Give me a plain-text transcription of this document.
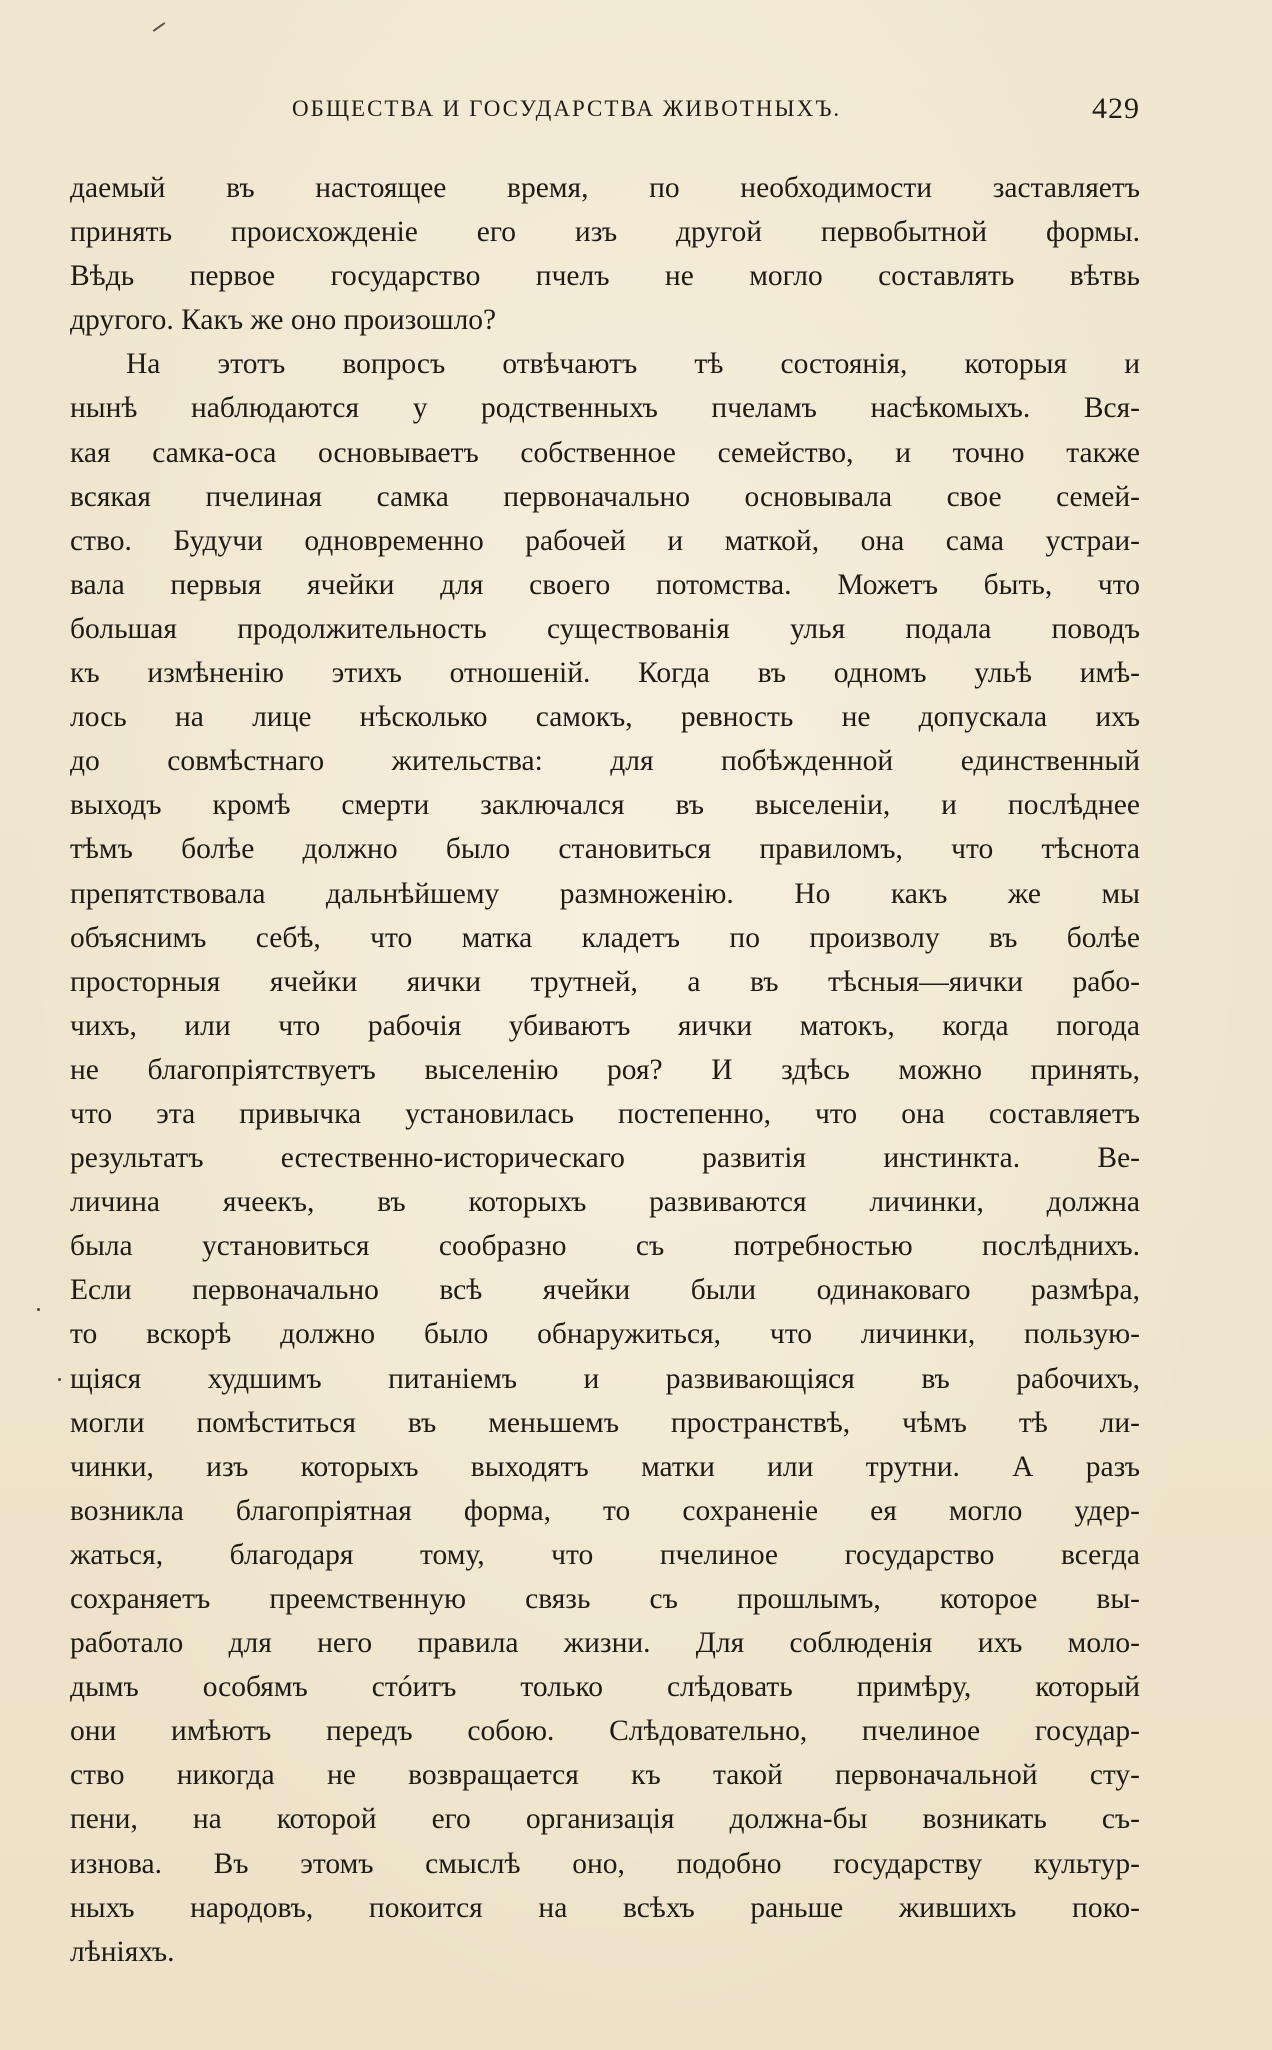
ОБЩЕСТВА И ГОСУДАРСТВА ЖИВОТНЫХЪ.	429
даемый въ настоящее время, по необходимости заставляетъ
принять происхожденіе его изъ другой первобытной формы.
Вѣдь первое государство пчелъ не могло составлять вѣтвь
другого. Какъ же оно произошло?
На этотъ вопросъ отвѣчаютъ тѣ состоянія, которыя и
нынѣ наблюдаются у родственныхъ пчеламъ насѣкомыхъ. Вся-
кая самка-оса основываетъ собственное семейство, и точно также
всякая пчелиная самка первоначально основывала свое семей-
ство. Будучи одновременно рабочей и маткой, она сама устраи-
вала первыя ячейки для своего потомства. Можетъ быть, что
большая продолжительность существованія улья подала поводъ
къ измѣненію этихъ отношеній. Когда въ одномъ ульѣ имѣ-
лось на лице нѣсколько самокъ, ревность не допускала ихъ
до совмѣстнаго жительства: для побѣжденной единственный
выходъ кромѣ смерти заключался въ выселеніи, и послѣднее
тѣмъ болѣе должно было становиться правиломъ, что тѣснота
препятствовала дальнѣйшему размноженію. Но какъ же мы
объяснимъ себѣ, что матка кладетъ по произволу въ болѣе
просторныя ячейки яички трутней, а въ тѣсныя—яички рабо-
чихъ, или что рабочія убиваютъ яички матокъ, когда погода
не благопріятствуетъ выселенію роя? И здѣсь можно принять,
что эта привычка установилась постепенно, что она составляетъ
результатъ естественно-историческаго развитія инстинкта. Ве-
личина ячеекъ, въ которыхъ развиваются личинки, должна
была установиться сообразно съ потребностью послѣднихъ.
Если первоначально всѣ ячейки были одинаковаго размѣра,
то вскорѣ должно было обнаружиться, что личинки, пользую-
щіяся худшимъ питаніемъ и развивающіяся въ рабочихъ,
могли помѣститься въ меньшемъ пространствѣ, чѣмъ тѣ ли-
чинки, изъ которыхъ выходятъ матки или трутни. А разъ
возникла благопріятная форма, то сохраненіе ея могло удер-
жаться, благодаря тому, что пчелиное государство всегда
сохраняетъ преемственную связь съ прошлымъ, которое вы-
работало для него правила жизни. Для соблюденія ихъ моло-
дымъ особямъ стóитъ только слѣдовать примѣру, который
они имѣютъ передъ собою. Слѣдовательно, пчелиное государ-
ство никогда не возвращается къ такой первоначальной сту-
пени, на которой его организація должна-бы возникать съ-
изнова. Въ этомъ смыслѣ оно, подобно государству культур-
ныхъ народовъ, покоится на всѣхъ раньше жившихъ поко-
лѣніяхъ.
